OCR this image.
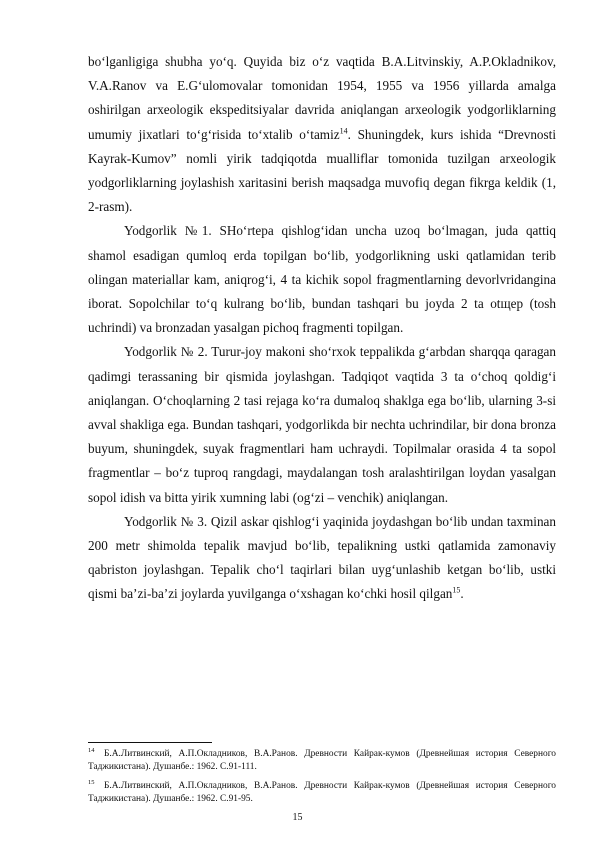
bo‘lganligiga shubha yo‘q. Quyida biz o‘z vaqtida B.A.Litvinskiy, A.P.Okladnikov, V.A.Ranov va E.G‘ulomovalar tomonidan 1954, 1955 va 1956 yillarda amalga oshirilgan arxeologik ekspeditsiyalar davrida aniqlangan arxeologik yodgorliklarning umumiy jixatlari to‘g‘risida to‘xtalib o‘tamiz$^{14}$. Shuningdek, kurs ishida “Drevnosti Kayrak-Kumov” nomli yirik tadqiqotda mualliflar tomonida tuzilgan arxeologik yodgorliklarning joylashish xaritasini berish maqsadga muvofiq degan fikrga keldik (1, 2-rasm).

Yodgorlik №1. SHo‘rtepa qishlog‘idan uncha uzoq bo‘lmagan, juda qattiq shamol esadigan qumloq erda topilgan bo‘lib, yodgorlikning uski qatlamidan terib olingan materiallar kam, aniqrog‘i, 4 ta kichik sopol fragmentlarning devorlvridangina iborat. Sopolchilar to‘q kulrang bo‘lib, bundan tashqari bu joyda 2 ta otщер (tosh uchrindi) va bronzadan yasalgan pichoq fragmenti topilgan.

Yodgorlik № 2. Turur-joy makoni sho‘rxok teppalikda g‘arbdan sharqqa qaragan qadimgi terassaning bir qismida joylashgan. Tadqiqot vaqtida 3 ta o‘choq qoldig‘i aniqlangan. O‘choqlarning 2 tasi rejaga ko‘ra dumaloq shaklga ega bo‘lib, ularning 3-si avval shakliga ega. Bundan tashqari, yodgorlikda bir nechta uchrindilar, bir dona bronza buyum, shuningdek, suyak fragmentlari ham uchraydi. Topilmalar orasida 4 ta sopol fragmentlar – bo‘z tuproq rangdagi, maydalangan tosh aralashtirilgan loydan yasalgan sopol idish va bitta yirik xumning labi (og‘zi – venchik) aniqlangan.

Yodgorlik № 3. Qizil askar qishlog‘i yaqinida joydashgan bo‘lib undan taxminan 200 metr shimolda tepalik mavjud bo‘lib, tepalikning ustki qatlamida zamonaviy qabriston joylashgan. Tepalik cho‘l taqirlari bilan uyg‘unlashib ketgan bo‘lib, ustki qismi ba’zi-ba’zi joylarda yuvilganga o‘xshagan ko‘chki hosil qilgan$^{15}$.

$^{14}$ Б.А.Литвинский, А.П.Окладников, В.А.Ранов. Древности Кайрак-кумов (Древнейшая история Северного Таджикистана). Душанбе.: 1962. С.91-111.

$^{15}$ Б.А.Литвинский, А.П.Окладников, В.А.Ранов. Древности Кайрак-кумов (Древнейшая история Северного Таджикистана). Душанбе.: 1962. С.91-95.

15
